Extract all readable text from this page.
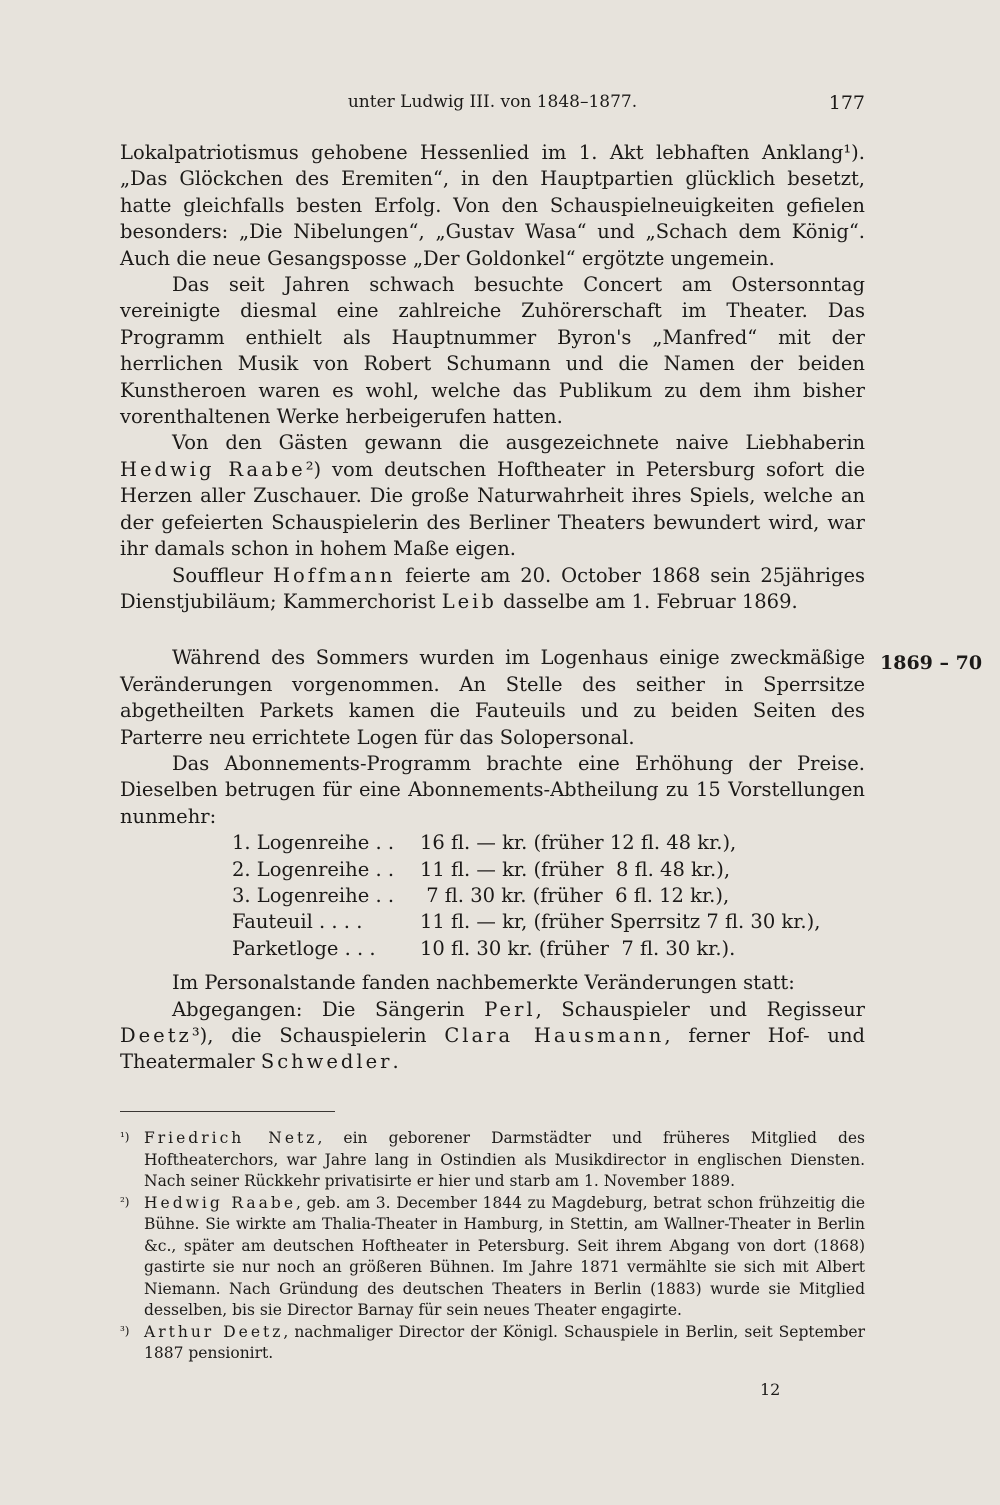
unter Ludwig III. von 1848–1877.	177

Lokalpatriotismus gehobene Hessenlied im 1. Akt lebhaften Anklang¹). „Das Glöckchen des Eremiten“, in den Hauptpartien glücklich besetzt, hatte gleichfalls besten Erfolg. Von den Schauspielneuigkeiten gefielen besonders: „Die Nibelungen“, „Gustav Wasa“ und „Schach dem König“. Auch die neue Gesangsposse „Der Goldonkel“ ergötzte ungemein.

Das seit Jahren schwach besuchte Concert am Ostersonntag vereinigte diesmal eine zahlreiche Zuhörerschaft im Theater. Das Programm enthielt als Hauptnummer Byron's „Manfred“ mit der herrlichen Musik von Robert Schumann und die Namen der beiden Kunstheroen waren es wohl, welche das Publikum zu dem ihm bisher vorenthaltenen Werke herbeigerufen hatten.

Von den Gästen gewann die ausgezeichnete naive Liebhaberin Hedwig Raabe²) vom deutschen Hoftheater in Petersburg sofort die Herzen aller Zuschauer. Die große Naturwahrheit ihres Spiels, welche an der gefeierten Schauspielerin des Berliner Theaters bewundert wird, war ihr damals schon in hohem Maße eigen.

Souffleur Hoffmann feierte am 20. October 1868 sein 25jähriges Dienstjubiläum; Kammerchorist Leib dasselbe am 1. Februar 1869.

Während des Sommers wurden im Logenhaus einige zweckmäßige Veränderungen vorgenommen. An Stelle des seither in Sperrsitze abgetheilten Parkets kamen die Fauteuils und zu beiden Seiten des Parterre neu errichtete Logen für das Solopersonal.

Das Abonnements-Programm brachte eine Erhöhung der Preise. Dieselben betrugen für eine Abonnements-Abtheilung zu 15 Vorstellungen nunmehr:

1. Logenreihe . .	16 fl. — kr. (früher 12 fl. 48 kr.),
2. Logenreihe . .	11 fl. — kr. (früher  8 fl. 48 kr.),
3. Logenreihe . .	7 fl. 30 kr. (früher  6 fl. 12 kr.),
Fauteuil . . . .	11 fl. — kr, (früher Sperrsitz 7 fl. 30 kr.),
Parketloge . . .	10 fl. 30 kr. (früher  7 fl. 30 kr.).

Im Personalstande fanden nachbemerkte Veränderungen statt:

Abgegangen: Die Sängerin Perl, Schauspieler und Regisseur Deetz³), die Schauspielerin Clara Hausmann, ferner Hof- und Theatermaler Schwedler.

1869 – 70
¹) Friedrich Netz, ein geborener Darmstädter und früheres Mitglied des Hoftheaterchors, war Jahre lang in Ostindien als Musikdirector in englischen Diensten. Nach seiner Rückkehr privatisirte er hier und starb am 1. November 1889.
²) Hedwig Raabe, geb. am 3. December 1844 zu Magdeburg, betrat schon frühzeitig die Bühne. Sie wirkte am Thalia-Theater in Hamburg, in Stettin, am Wallner-Theater in Berlin &c., später am deutschen Hoftheater in Petersburg. Seit ihrem Abgang von dort (1868) gastirte sie nur noch an größeren Bühnen. Im Jahre 1871 vermählte sie sich mit Albert Niemann. Nach Gründung des deutschen Theaters in Berlin (1883) wurde sie Mitglied desselben, bis sie Director Barnay für sein neues Theater engagirte.
³) Arthur Deetz, nachmaliger Director der Königl. Schauspiele in Berlin, seit September 1887 pensionirt.
12
